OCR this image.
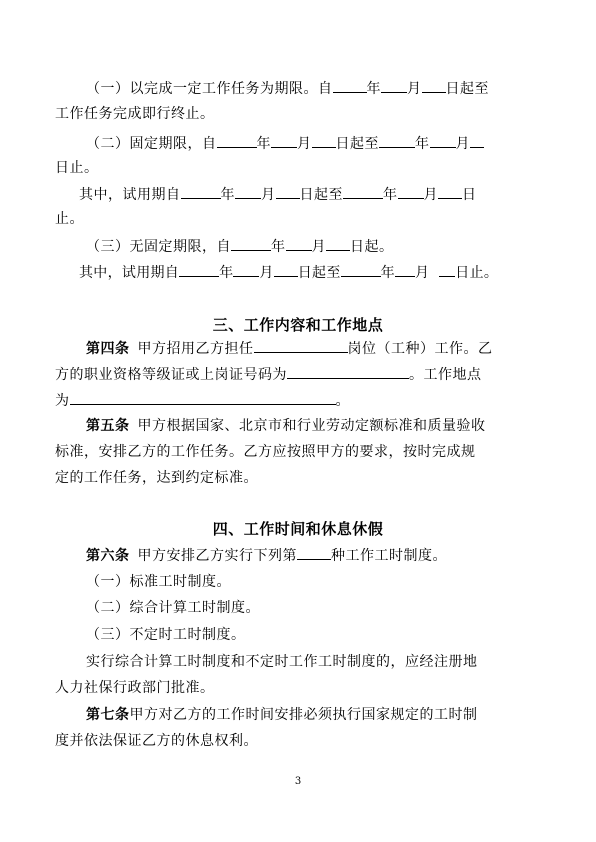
（一）以完成一定工作任务为期限。自 年 月 日起至
工作任务完成即行终止。
（二）固定期限，自	年 月 日起至	年 月
日止。
其中，试用期自	年 月 日起至	年 月 日
止。
（三）无固定期限，自	年 月 日起。
其中，试用期自	年 月 日起至	年 月 日止。
三、工作内容和工作地点
第四条 甲方招用乙方担任	岗位（工种）工作。乙
方的职业资格等级证或上岗证号码为	。工作地点
为	。
第五条 甲方根据国家、北京市和行业劳动定额标准和质量验收
标准，安排乙方的工作任务。乙方应按照甲方的要求，按时完成规
定的工作任务，达到约定标准。
四、工作时间和休息休假
第六条 甲方安排乙方实行下列第 种工作工时制度。
（一）标准工时制度。
（二）综合计算工时制度。
（三）不定时工时制度。
实行综合计算工时制度和不定时工作工时制度的，应经注册地
人力社保行政部门批准。
第七条甲方对乙方的工作时间安排必须执行国家规定的工时制
度并依法保证乙方的休息权利。
3
